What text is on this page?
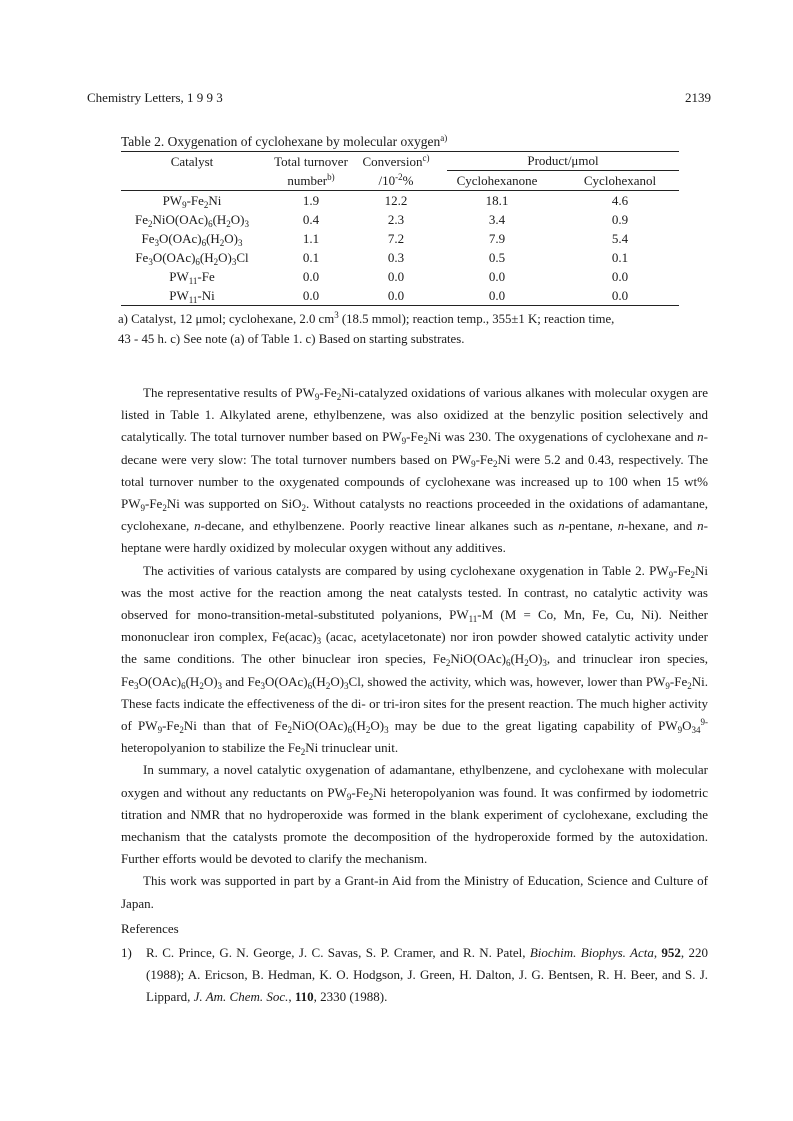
Chemistry Letters, 1 9 9 3	2139
Table 2. Oxygenation of cyclohexane by molecular oxygen$^{a)}$
Catalyst	Total turnover	Conversion$^{c)}$	Product/μmol	

	number$^{b)}$	$/10^{-2}\%$	Cyclohexanone	Cyclohexanol
$PW_9-Fe_2Ni$	1.9	12.2	18.1	4.6
$Fe_2NiO(OAc)_6(H_2O)_3$	0.4	2.3	3.4	0.9
$Fe_3O(OAc)_6(H_2O)_3$	1.1	7.2	7.9	5.4
$Fe_3O(OAc)_6(H_2O)_3Cl$	0.1	0.3	0.5	0.1
$PW_{11}-Fe$	0.0	0.0	0.0	0.0
$PW_{11}-Ni$	0.0	0.0	0.0	0.0
a) Catalyst, 12 μmol; cyclohexane, 2.0 $cm^3$ (18.5 mmol); reaction temp., 355±1 K; reaction time,
43 - 45 h. c) See note (a) of Table 1. c) Based on starting substrates.

The representative results of $PW_9-Fe_2Ni$-catalyzed oxidations of various alkanes with molecular oxygen are listed in Table 1. Alkylated arene, ethylbenzene, was also oxidized at the benzylic position selectively and catalytically. The total turnover number based on $PW_9-Fe_2Ni$ was 230. The oxygenations of cyclohexane and n-decane were very slow: The total turnover numbers based on $PW_9-Fe_2Ni$ were 5.2 and 0.43, respectively. The total turnover number to the oxygenated compounds of cyclohexane was increased up to 100 when 15 wt% $PW_9-Fe_2Ni$ was supported on SiO$_2$. Without catalysts no reactions proceeded in the oxidations of adamantane, cyclohexane, n-decane, and ethylbenzene. Poorly reactive linear alkanes such as n-pentane, n-hexane, and n-heptane were hardly oxidized by molecular oxygen without any additives.

The activities of various catalysts are compared by using cyclohexane oxygenation in Table 2. $PW_9-Fe_2Ni$ was the most active for the reaction among the neat catalysts tested. In contrast, no catalytic activity was observed for mono-transition-metal-substituted polyanions, $PW_{11}-M$ (M = Co, Mn, Fe, Cu, Ni). Neither mononuclear iron complex, $Fe(acac)_3$ (acac, acetylacetonate) nor iron powder showed catalytic activity under the same conditions. The other binuclear iron species, $Fe_2NiO(OAc)_6(H_2O)_3$, and trinuclear iron species, $Fe_3O(OAc)_6(H_2O)_3$ and $Fe_3O(OAc)_6(H_2O)_3Cl$, showed the activity, which was, however, lower than $PW_9-Fe_2Ni$. These facts indicate the effectiveness of the di- or tri-iron sites for the present reaction. The much higher activity of $PW_9-Fe_2Ni$ than that of $Fe_2NiO(OAc)_6(H_2O)_3$ may be due to the great ligating capability of $PW_9O_{34}^{9-}$ heteropolyanion to stabilize the $Fe_2Ni$ trinuclear unit.

In summary, a novel catalytic oxygenation of adamantane, ethylbenzene, and cyclohexane with molecular oxygen and without any reductants on $PW_9-Fe_2Ni$ heteropolyanion was found. It was confirmed by iodometric titration and NMR that no hydroperoxide was formed in the blank experiment of cyclohexane, excluding the mechanism that the catalysts promote the decomposition of the hydroperoxide formed by the autoxidation. Further efforts would be devoted to clarify the mechanism.

This work was supported in part by a Grant-in Aid from the Ministry of Education, Science and Culture of Japan.

References
1) R. C. Prince, G. N. George, J. C. Savas, S. P. Cramer, and R. N. Patel, Biochim. Biophys. Acta, 952, 220 (1988); A. Ericson, B. Hedman, K. O. Hodgson, J. Green, H. Dalton, J. G. Bentsen, R. H. Beer, and S. J. Lippard, J. Am. Chem. Soc., 110, 2330 (1988).
